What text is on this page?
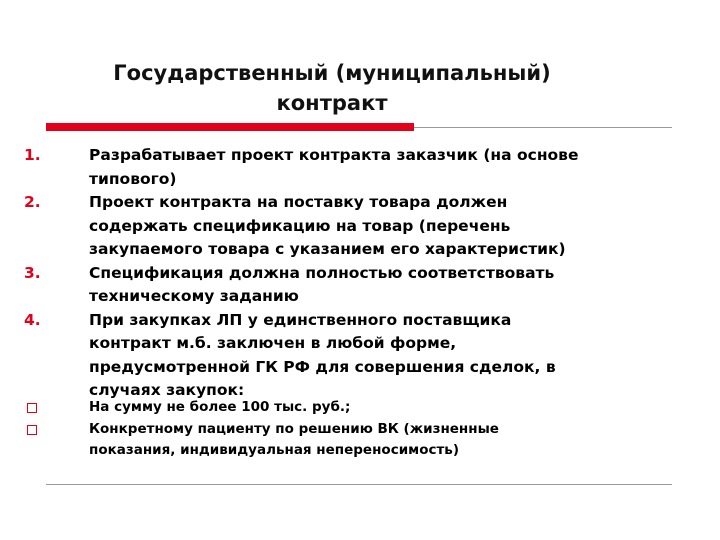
Государственный (муниципальный)
контракт
1.	Разрабатывает проект контракта заказчик (на основе
типового)
2.	Проект контракта на поставку товара должен
содержать спецификацию на товар (перечень
закупаемого товара с указанием его характеристик)
3.	Спецификация должна полностью соответствовать
техническому заданию
4.	При закупках ЛП у единственного поставщика
контракт м.б. заключен в любой форме,
предусмотренной ГК РФ для совершения сделок, в
случаях закупок:
На сумму не более 100 тыс. руб.;
Конкретному пациенту по решению ВК (жизненные
показания, индивидуальная непереносимость)
